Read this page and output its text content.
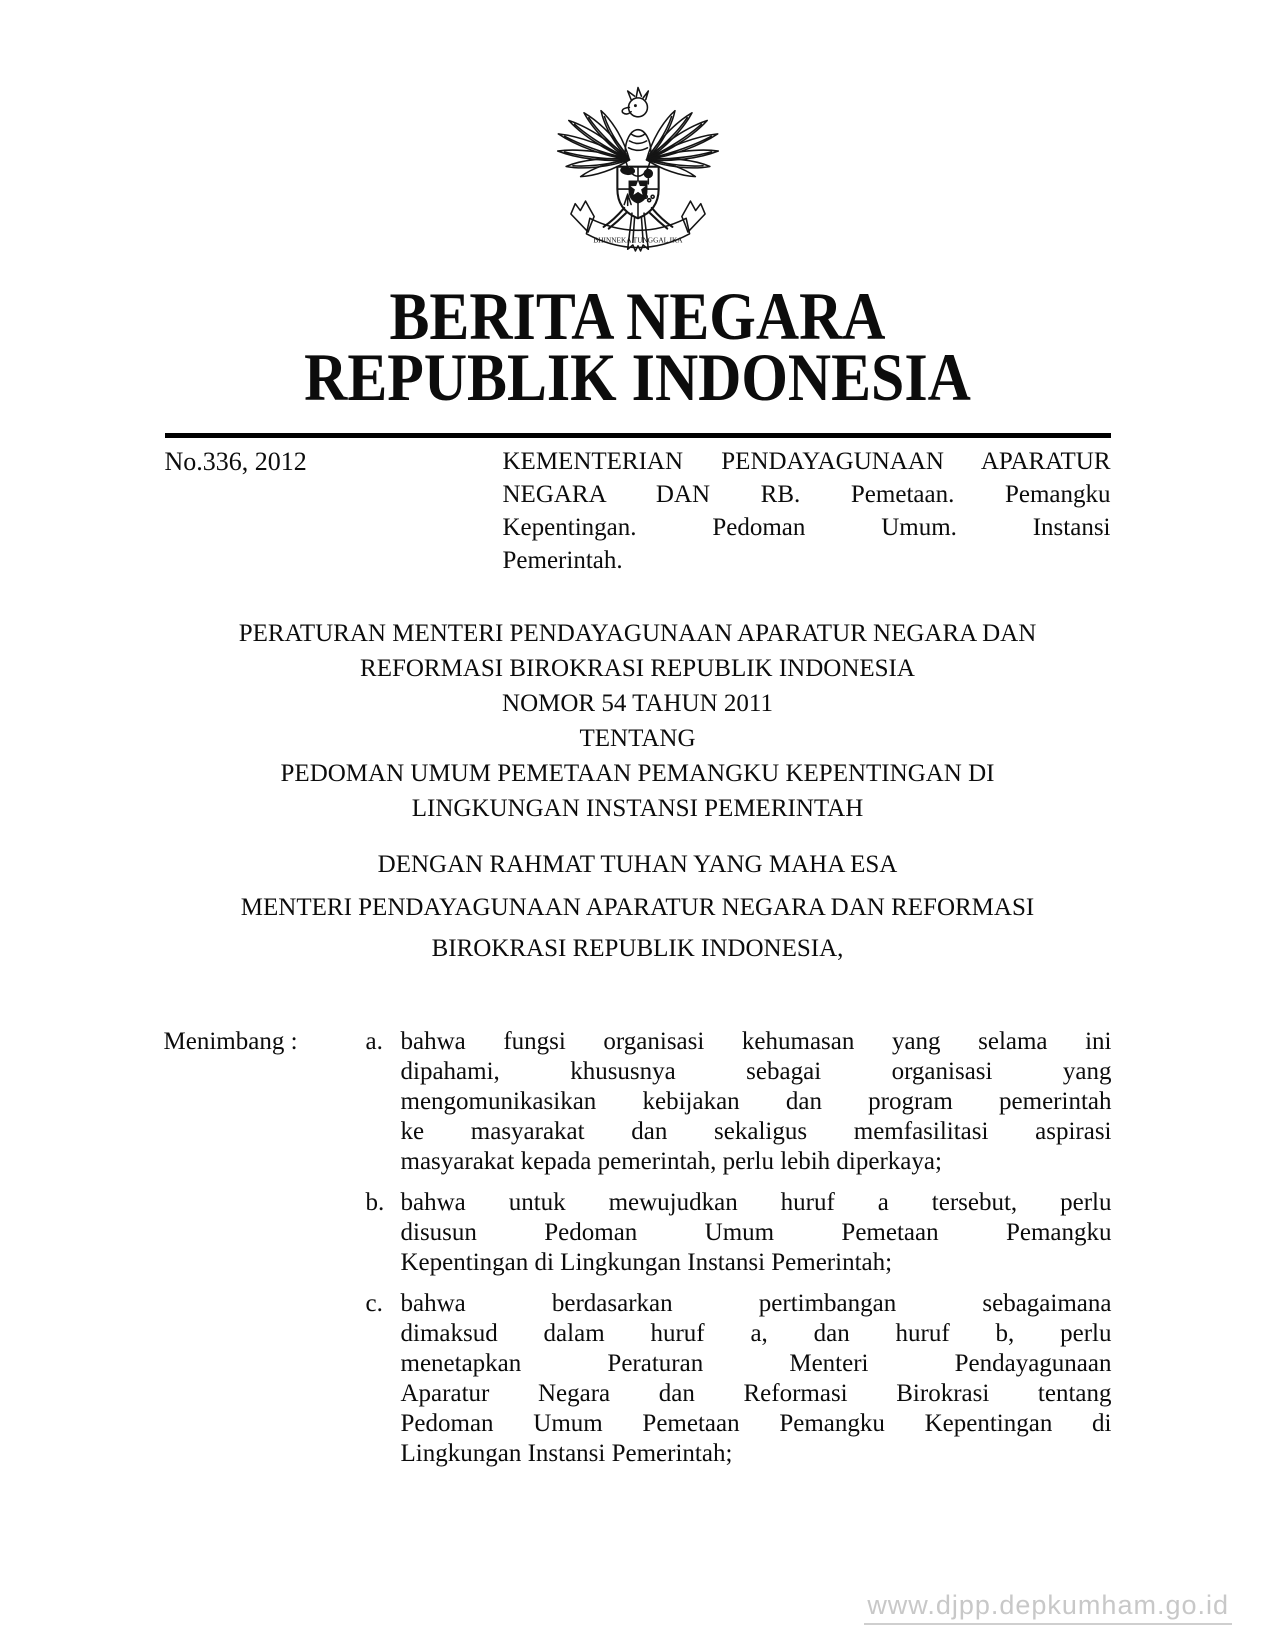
BHINNEKA TUNGGAL IKA
BERITA NEGARA
REPUBLIK INDONESIA
No.336, 2012	KEMENTERIAN PENDAYAGUNAAN APARATUR
NEGARA DAN RB. Pemetaan. Pemangku
Kepentingan. Pedoman Umum. Instansi
Pemerintah.
PERATURAN MENTERI PENDAYAGUNAAN APARATUR NEGARA DAN
REFORMASI BIROKRASI REPUBLIK INDONESIA
NOMOR 54 TAHUN 2011
TENTANG
PEDOMAN UMUM PEMETAAN PEMANGKU KEPENTINGAN DI
LINGKUNGAN INSTANSI PEMERINTAH
DENGAN RAHMAT TUHAN YANG MAHA ESA
MENTERI PENDAYAGUNAAN APARATUR NEGARA DAN REFORMASI
BIROKRASI REPUBLIK INDONESIA,
Menimbang :	a. bahwa fungsi organisasi kehumasan yang selama ini
dipahami, khususnya sebagai organisasi yang
mengomunikasikan kebijakan dan program pemerintah
ke masyarakat dan sekaligus memfasilitasi aspirasi
masyarakat kepada pemerintah, perlu lebih diperkaya;
b. bahwa untuk mewujudkan huruf a tersebut, perlu
disusun Pedoman Umum Pemetaan Pemangku
Kepentingan di Lingkungan Instansi Pemerintah;
c. bahwa berdasarkan pertimbangan sebagaimana
dimaksud dalam huruf a, dan huruf b, perlu
menetapkan Peraturan Menteri Pendayagunaan
Aparatur Negara dan Reformasi Birokrasi tentang
Pedoman Umum Pemetaan Pemangku Kepentingan di
Lingkungan Instansi Pemerintah;
www.djpp.depkumham.go.id
